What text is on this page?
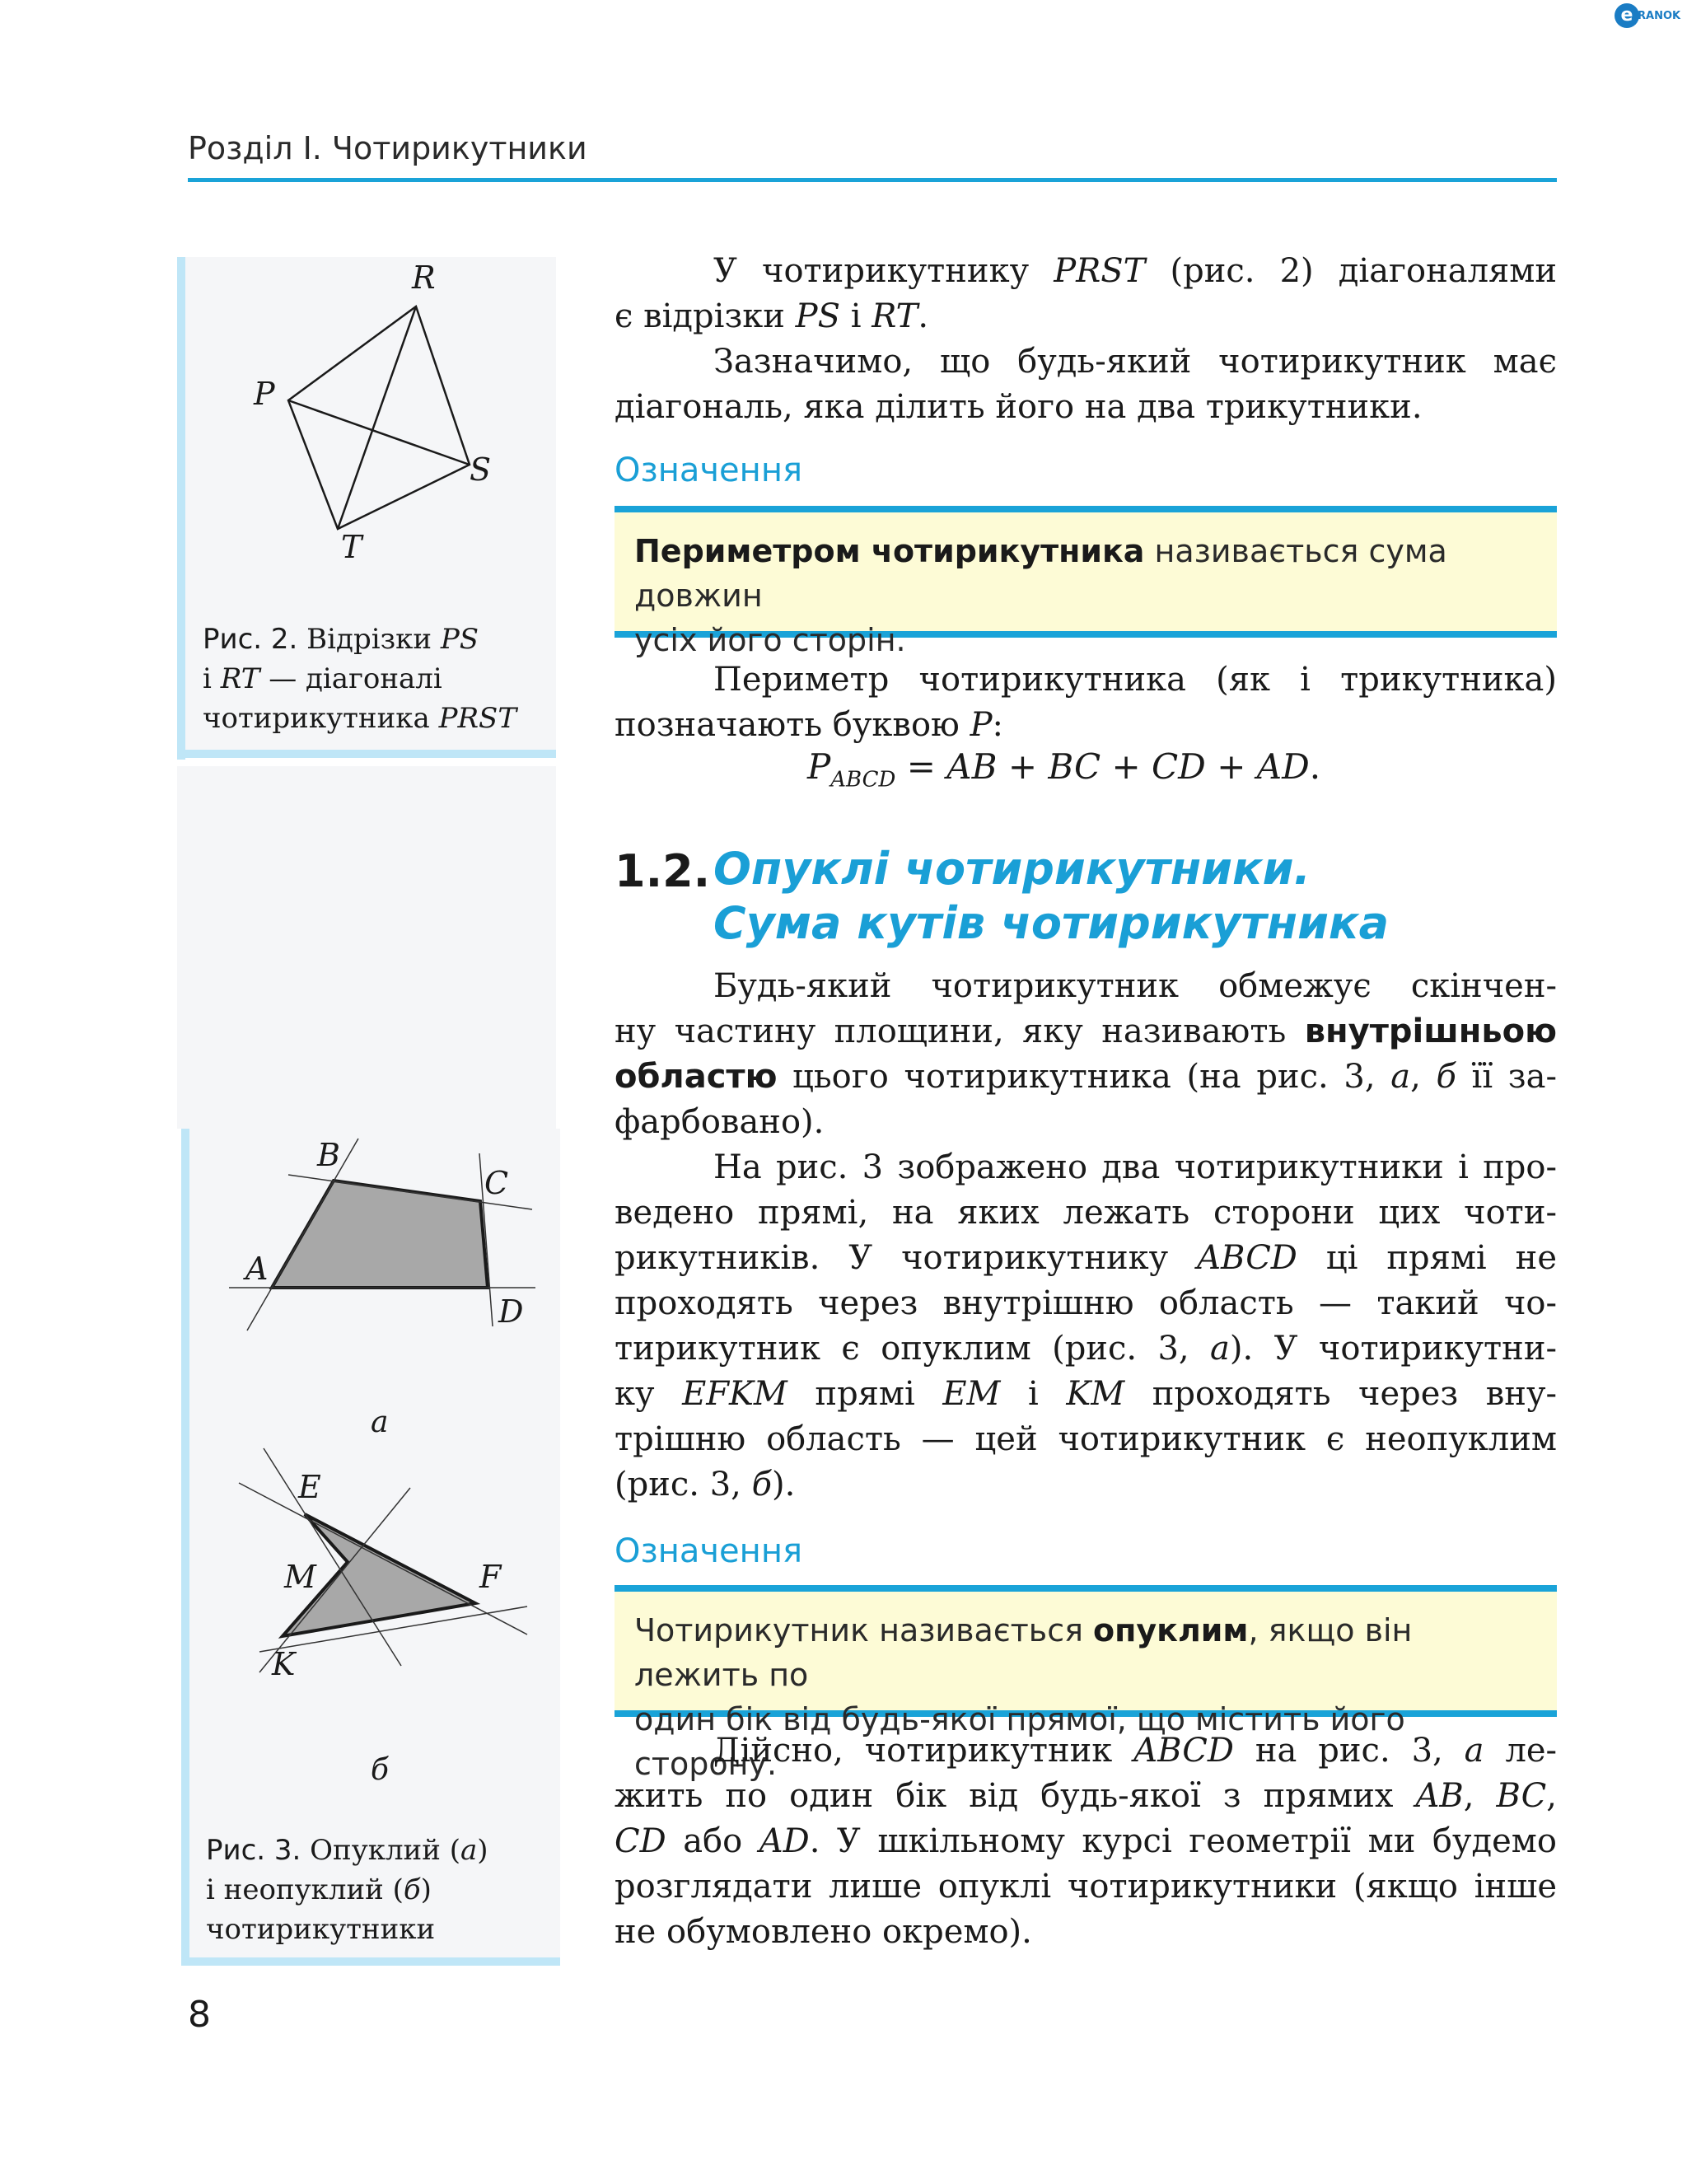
e RANOK
Розділ І. Чотирикутники
R
P
S
T
Рис. 2. Відрізки PS
і RT — діагоналі
чотирикутника PRST
B
C
A
D
а
E
M	F
K
б
Рис. 3. Опуклий (а)
і неопуклий (б)
чотирикутники
У чотирикутнику PRST (рис. 2) діагоналями
є відрізки PS і RT.
Зазначимо, що будь-який чотирикутник має
діагональ, яка ділить його на два трикутники.
Означення
Периметром чотирикутника називається сума довжин
усіх його сторін.
Периметр чотирикутника (як і трикутника)
позначають буквою P:
$P_{ABCD}$ = AB + BC + CD + AD.
1.2. Опуклі чотирикутники.
Сума кутів чотирикутника
Будь-який чотирикутник обмежує скінчен-
ну частину площини, яку називають внутрішньою
областю цього чотирикутника (на рис. 3, а, б її за-
фарбовано).
На рис. 3 зображено два чотирикутники і про-
ведено прямі, на яких лежать сторони цих чоти-
рикутників. У чотирикутнику ABCD ці прямі не
проходять через внутрішню область — такий чо-
тирикутник є опуклим (рис. 3, а). У чотирикутни-
ку EFKM прямі EM і KM проходять через вну-
трішню область — цей чотирикутник є неопуклим
(рис. 3, б).
Означення
Чотирикутник називається опуклим, якщо він лежить по
один бік від будь-якої прямої, що містить його сторону.
Дійсно, чотирикутник ABCD на рис. 3, а ле-
жить по один бік від будь-якої з прямих AB, BC,
CD або AD. У шкільному курсі геометрії ми будемо
розглядати лише опуклі чотирикутники (якщо інше
не обумовлено окремо).
8
